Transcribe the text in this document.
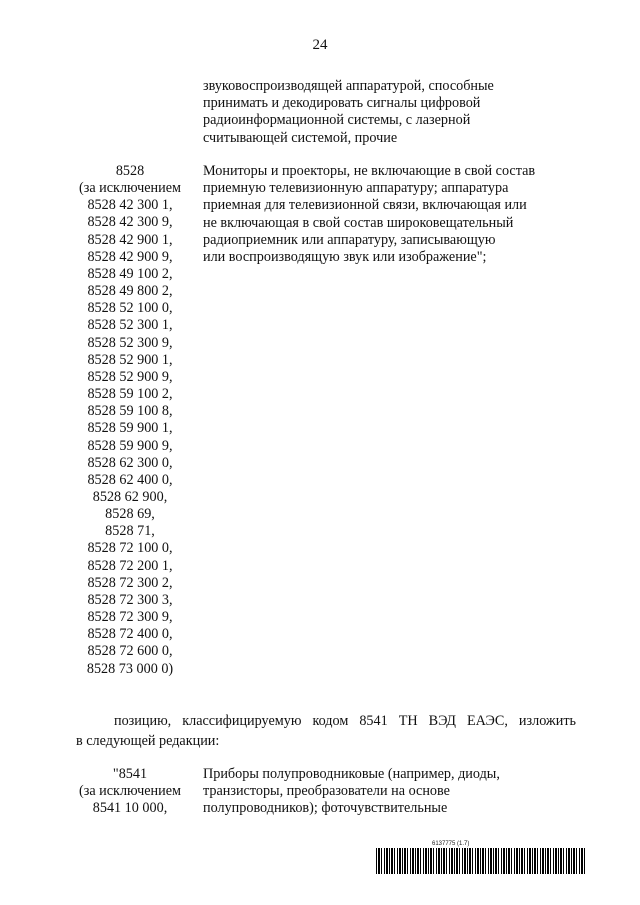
24
звуковоспроизводящей аппаратурой, способные
принимать и декодировать сигналы цифровой
радиоинформационной системы, с лазерной
считывающей системой, прочие
8528
(за исключением
8528 42 300 1,
8528 42 300 9,
8528 42 900 1,
8528 42 900 9,
8528 49 100 2,
8528 49 800 2,
8528 52 100 0,
8528 52 300 1,
8528 52 300 9,
8528 52 900 1,
8528 52 900 9,
8528 59 100 2,
8528 59 100 8,
8528 59 900 1,
8528 59 900 9,
8528 62 300 0,
8528 62 400 0,
8528 62 900,
8528 69,
8528 71,
8528 72 100 0,
8528 72 200 1,
8528 72 300 2,
8528 72 300 3,
8528 72 300 9,
8528 72 400 0,
8528 72 600 0,
8528 73 000 0)
Мониторы и проекторы, не включающие в свой состав
приемную телевизионную аппаратуру; аппаратура
приемная для телевизионной связи, включающая или
не включающая в свой состав широковещательный
радиоприемник или аппаратуру, записывающую
или воспроизводящую звук или изображение";
позицию, классифицируемую кодом 8541 ТН ВЭД ЕАЭС, изложить
в следующей редакции:
"8541
(за исключением
8541 10 000,
Приборы полупроводниковые (например, диоды,
транзисторы, преобразователи на основе
полупроводников); фоточувствительные
6137775 (1.7)
